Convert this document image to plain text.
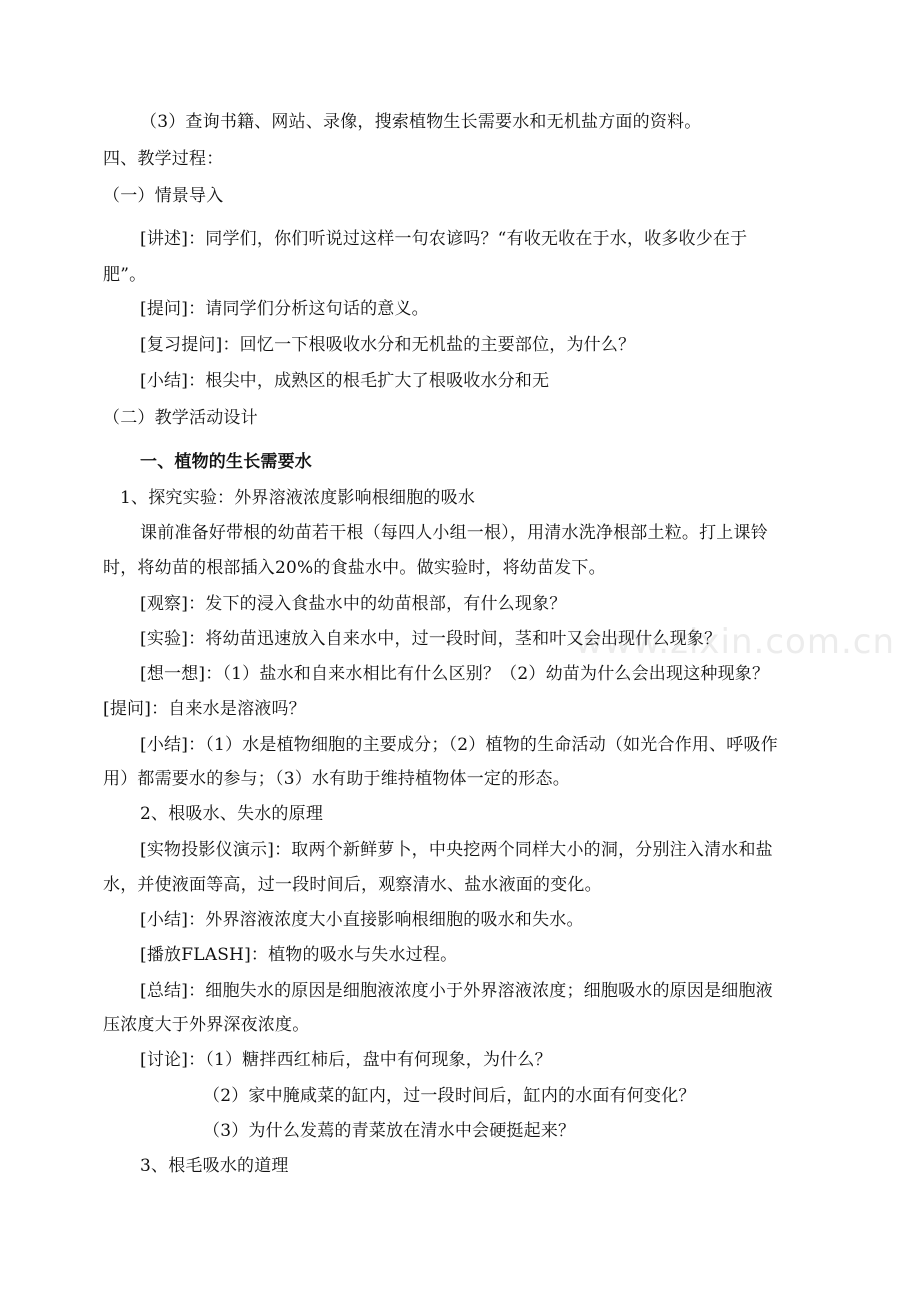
www.zixin.com.cn
（3）查询书籍、网站、录像，搜索植物生长需要水和无机盐方面的资料。
四、教学过程：
（一）情景导入
[讲述]：同学们，你们听说过这样一句农谚吗？“有收无收在于水，收多收少在于
肥”。
[提问]：请同学们分析这句话的意义。
[复习提问]：回忆一下根吸收水分和无机盐的主要部位，为什么？
[小结]：根尖中，成熟区的根毛扩大了根吸收水分和无
（二）教学活动设计
一、植物的生长需要水
1、探究实验：外界溶液浓度影响根细胞的吸水
课前准备好带根的幼苗若干根（每四人小组一根），用清水洗净根部土粒。打上课铃
时，将幼苗的根部插入20%的食盐水中。做实验时，将幼苗发下。
[观察]：发下的浸入食盐水中的幼苗根部，有什么现象？
[实验]：将幼苗迅速放入自来水中，过一段时间，茎和叶又会出现什么现象？
[想一想]：（1）盐水和自来水相比有什么区别？（2）幼苗为什么会出现这种现象？
[提问]：自来水是溶液吗？
[小结]：（1）水是植物细胞的主要成分；（2）植物的生命活动（如光合作用、呼吸作
用）都需要水的参与；（3）水有助于维持植物体一定的形态。
2、根吸水、失水的原理
[实物投影仪演示]：取两个新鲜萝卜，中央挖两个同样大小的洞，分别注入清水和盐
水，并使液面等高，过一段时间后，观察清水、盐水液面的变化。
[小结]：外界溶液浓度大小直接影响根细胞的吸水和失水。
[播放FLASH]：植物的吸水与失水过程。
[总结]：细胞失水的原因是细胞液浓度小于外界溶液浓度；细胞吸水的原因是细胞液
压浓度大于外界深夜浓度。
[讨论]：（1）糖拌西红柿后，盘中有何现象，为什么？
（2）家中腌咸菜的缸内，过一段时间后，缸内的水面有何变化？
（3）为什么发蔫的青菜放在清水中会硬挺起来？
3、根毛吸水的道理
